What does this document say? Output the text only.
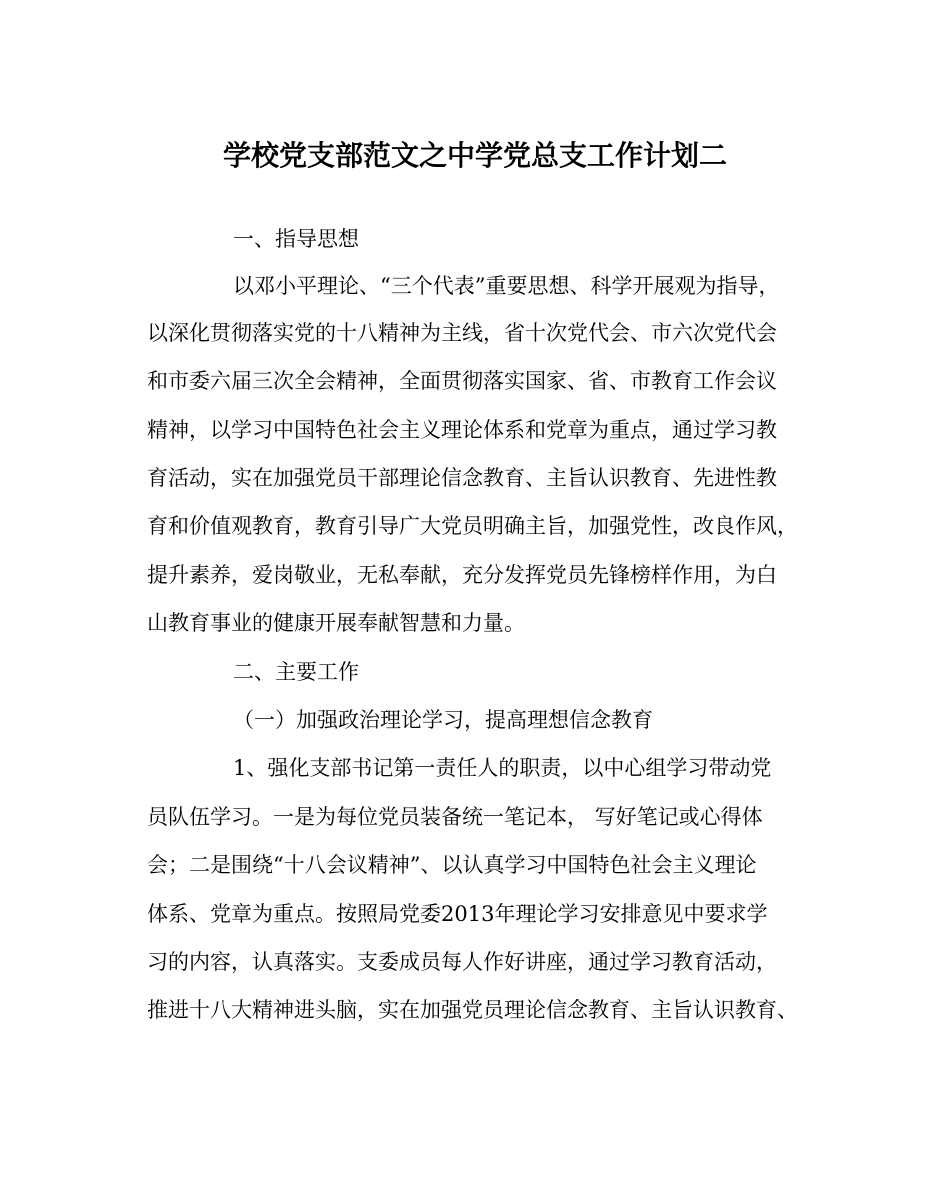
学校党支部范文之中学党总支工作计划二
一、指导思想
以邓小平理论、“三个代表”重要思想、科学开展观为指导，
以深化贯彻落实党的十八精神为主线，省十次党代会、市六次党代会
和市委六届三次全会精神，全面贯彻落实国家、省、市教育工作会议
精神，以学习中国特色社会主义理论体系和党章为重点，通过学习教
育活动，实在加强党员干部理论信念教育、主旨认识教育、先进性教
育和价值观教育，教育引导广大党员明确主旨，加强党性，改良作风，
提升素养，爱岗敬业，无私奉献，充分发挥党员先锋榜样作用，为白
山教育事业的健康开展奉献智慧和力量。
二、主要工作
（一）加强政治理论学习，提高理想信念教育
1、强化支部书记第一责任人的职责，以中心组学习带动党
员队伍学习。一是为每位党员装备统一笔记本， 写好笔记或心得体
会；二是围绕“十八会议精神”、以认真学习中国特色社会主义理论
体系、党章为重点。按照局党委2013年理论学习安排意见中要求学
习的内容，认真落实。支委成员每人作好讲座，通过学习教育活动，
推进十八大精神进头脑，实在加强党员理论信念教育、主旨认识教育、
